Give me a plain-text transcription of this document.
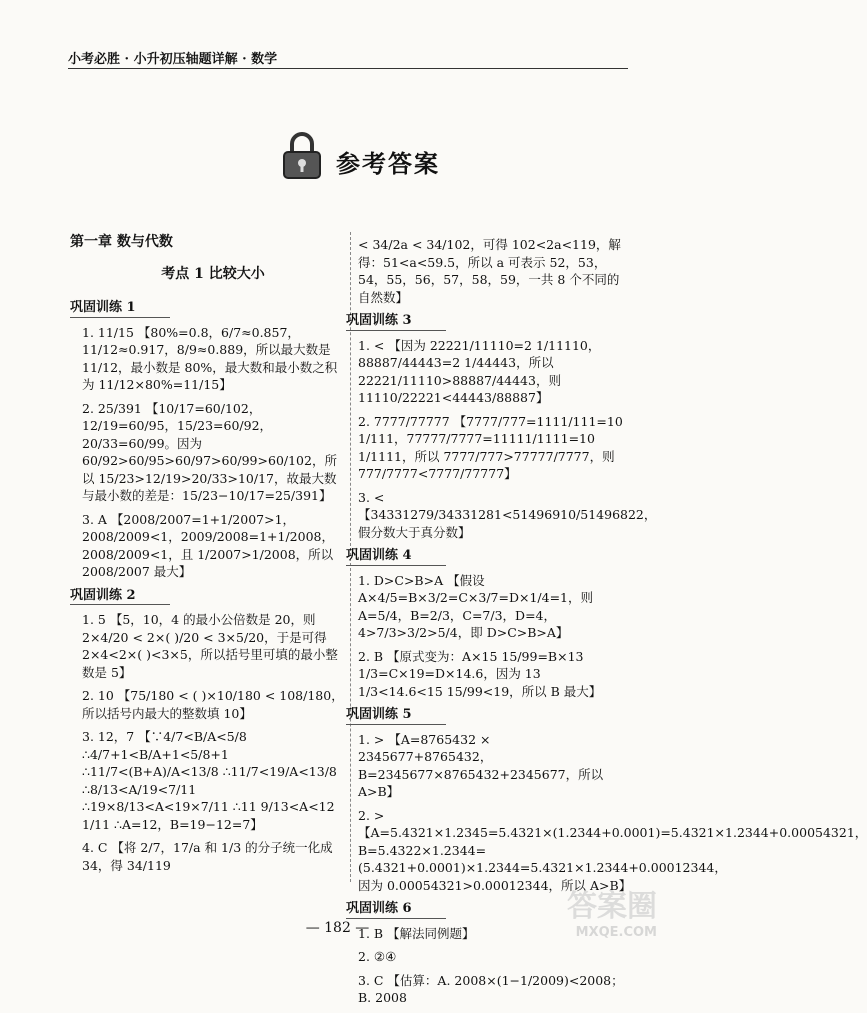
小考必胜 · 小升初压轴题详解 · 数学
参考答案
第一章 数与代数
考点 1 比较大小
巩固训练 1
1. 11/15 【80%=0.8，6/7≈0.857，11/12≈0.917，8/9≈0.889，所以最大数是 11/12，最小数是 80%，最大数和最小数之积为 11/12×80%=11/15】
2. 25/391 【10/17=60/102，12/19=60/95，15/23=60/92，20/33=60/99。因为 60/92>60/95>60/97>60/99>60/102，所以 15/23>12/19>20/33>10/17，故最大数与最小数的差是：15/23−10/17=25/391】
3. A 【2008/2007=1+1/2007>1，2008/2009<1，2009/2008=1+1/2008，2008/2009<1，且 1/2007>1/2008，所以 2008/2007 最大】
巩固训练 2
1. 5 【5，10，4 的最小公倍数是 20，则 2×4/20 < 2×( )/20 < 3×5/20，于是可得 2×4<2×( )<3×5，所以括号里可填的最小整数是 5】
2. 10 【75/180 < ( )×10/180 < 108/180，所以括号内最大的整数填 10】
3. 12，7 【∵4/7<B/A<5/8 ∴4/7+1<B/A+1<5/8+1 ∴11/7<(B+A)/A<13/8 ∴11/7<19/A<13/8 ∴8/13<A/19<7/11 ∴19×8/13<A<19×7/11 ∴11 9/13<A<12 1/11 ∴A=12，B=19−12=7】
4. C 【将 2/7，17/a 和 1/3 的分子统一化成 34，得 34/119
< 34/2a < 34/102，可得 102<2a<119，解得：51<a<59.5，所以 a 可表示 52，53，54，55，56，57，58，59，一共 8 个不同的自然数】
巩固训练 3
1. < 【因为 22221/11110=2 1/11110，88887/44443=2 1/44443，所以 22221/11110>88887/44443，则 11110/22221<44443/88887】
2. 7777/77777 【7777/777=1111/111=10 1/111，77777/7777=11111/1111=10 1/1111，所以 7777/777>77777/7777，则 777/7777<7777/77777】
3. < 【34331279/34331281<51496910/51496822，假分数大于真分数】
巩固训练 4
1. D>C>B>A 【假设 A×4/5=B×3/2=C×3/7=D×1/4=1，则 A=5/4，B=2/3，C=7/3，D=4，4>7/3>3/2>5/4，即 D>C>B>A】
2. B 【原式变为：A×15 15/99=B×13 1/3=C×19=D×14.6，因为 13 1/3<14.6<15 15/99<19，所以 B 最大】
巩固训练 5
1. > 【A=8765432 × 2345677+8765432，B=2345677×8765432+2345677，所以 A>B】
2. > 【A=5.4321×1.2345=5.4321×(1.2344+0.0001)=5.4321×1.2344+0.00054321，B=5.4322×1.2344=(5.4321+0.0001)×1.2344=5.4321×1.2344+0.00012344，因为 0.00054321>0.00012344，所以 A>B】
巩固训练 6
1. B 【解法同例题】
2. ②④
3. C 【估算：A. 2008×(1−1/2009)<2008；B. 2008
— 182 —
答案圈
MXQE.COM
